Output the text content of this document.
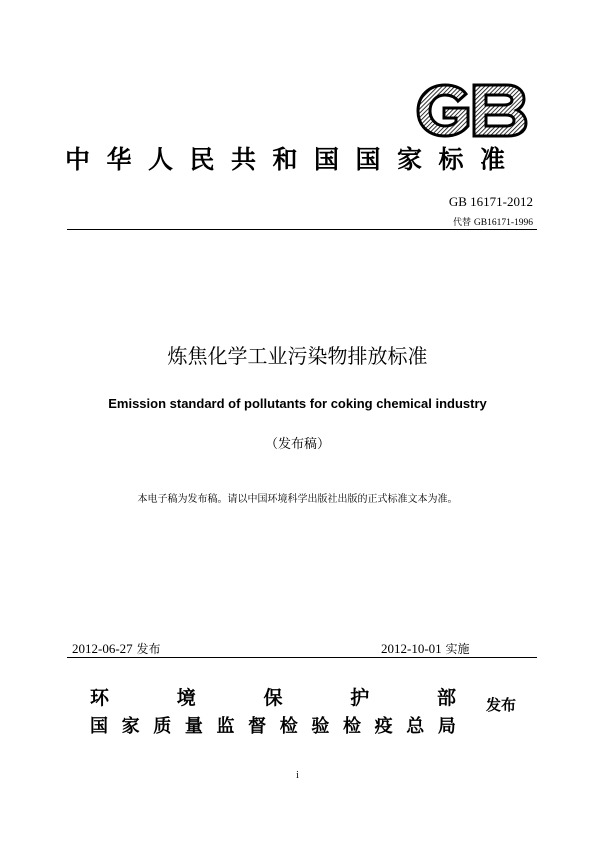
中华人民共和国国家标准
GB 16171-2012
代替 GB16171-1996
炼焦化学工业污染物排放标准
Emission standard of pollutants for coking chemical industry
（发布稿）
本电子稿为发布稿。请以中国环境科学出版社出版的正式标准文本为准。
2012-06-27 发布	2012-10-01 实施
环	境	保	护	部
国 家 质 量 监 督 检 验 检 疫 总 局
发布
i
